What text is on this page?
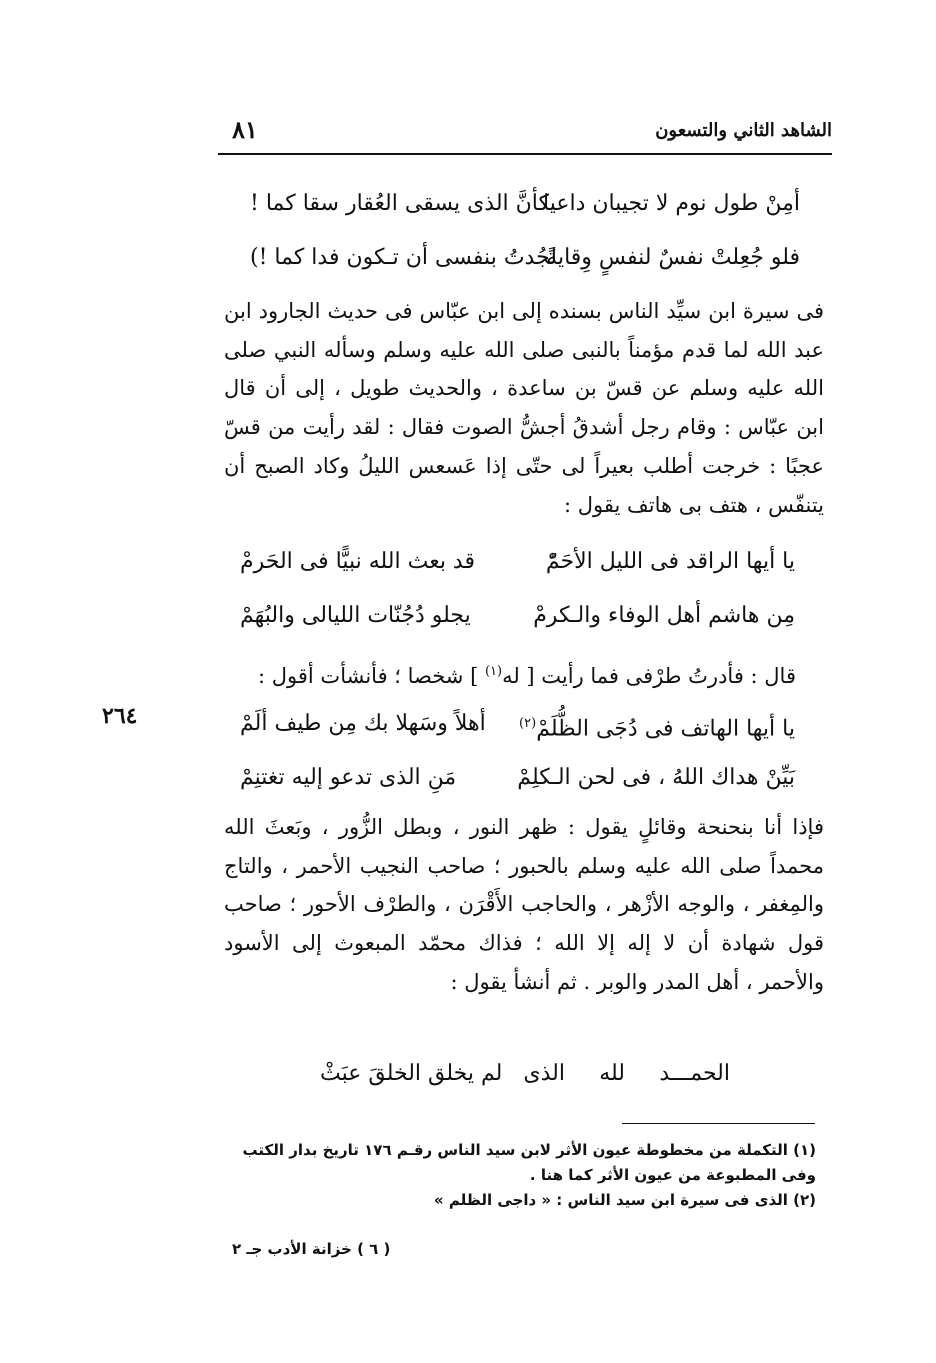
الشاهد الثاني والتسعون
٨١
أمِنْ طول نوم لا تجيبان داعيا
كأنَّ الذى يسقى العُقار سقا كما !
فلو جُعِلتْ نفسٌ لنفسٍ وِقايةً
لجُدتُ بنفسى أن تـكون فدا كما !)
فى سيرة ابن سيِّد الناس بسنده إلى ابن عبّاس فى حديث الجارود ابن عبد الله لما قدم مؤمناً بالنبى صلى الله عليه وسلم وسأله النبي صلى الله عليه وسلم عن قسّ بن ساعدة ، والحديث طويل ، إلى أن قال ابن عبّاس : وقام رجل أشدقُ أجشُّ الصوت فقال : لقد رأيت من قسّ عجبًا : خرجت أطلب بعيراً لى حتّى إذا عَسعس الليلُ وكاد الصبح أن يتنفّس ، هتف بى هاتف يقول :
يا أيها الراقد فى الليل الأحَمّْ
قد بعث الله نبيًّا فى الحَرمْ
مِن هاشم أهل الوفاء والـكرمْ
يجلو دُجُنّات الليالى والبُهَمْ
قال : فأدرتُ طرْفى فما رأيت [ له$^{(١)}$ ] شخصا ؛ فأنشأت أقول :
يا أيها الهاتف فى دُجَى الظُّلَمْ$^{(٢)}$
أهلاً وسَهلا بك مِن طيف ألَمْ
بَيِّنْ هداك اللهُ ، فى لحن الـكلِمْ
مَنِ الذى تدعو إليه تغتنِمْ
٢٦٤
فإذا أنا بنحنحة وقائلٍ يقول : ظهر النور ، وبطل الزُّور ، وبَعثَ الله محمداً صلى الله عليه وسلم بالحبور ؛ صاحب النجيب الأحمر ، والتاج والمِغفر ، والوجه الأزْهر ، والحاجب الأَقْرَن ، والطرْف الأحور ؛ صاحب قول شهادة أن لا إله إلا الله ؛ فذاك محمّد المبعوث إلى الأسود والأحمر ، أهل المدر والوبر . ثم أنشأ يقول :
الحمـــد
لله
الذى
لم يخلق الخلقَ عبَثْ

(١) التكملة من مخطوطة عيون الأثر لابن سيد الناس رقـم ١٧٦ تاريخ بدار الكتب وفى المطبوعة من عيون الأثر كما هنا .

(٢) الذى فى سيرة ابن سيد الناس : « داجى الظلم »

( ٦ ) خزانة الأدب جـ ٢
